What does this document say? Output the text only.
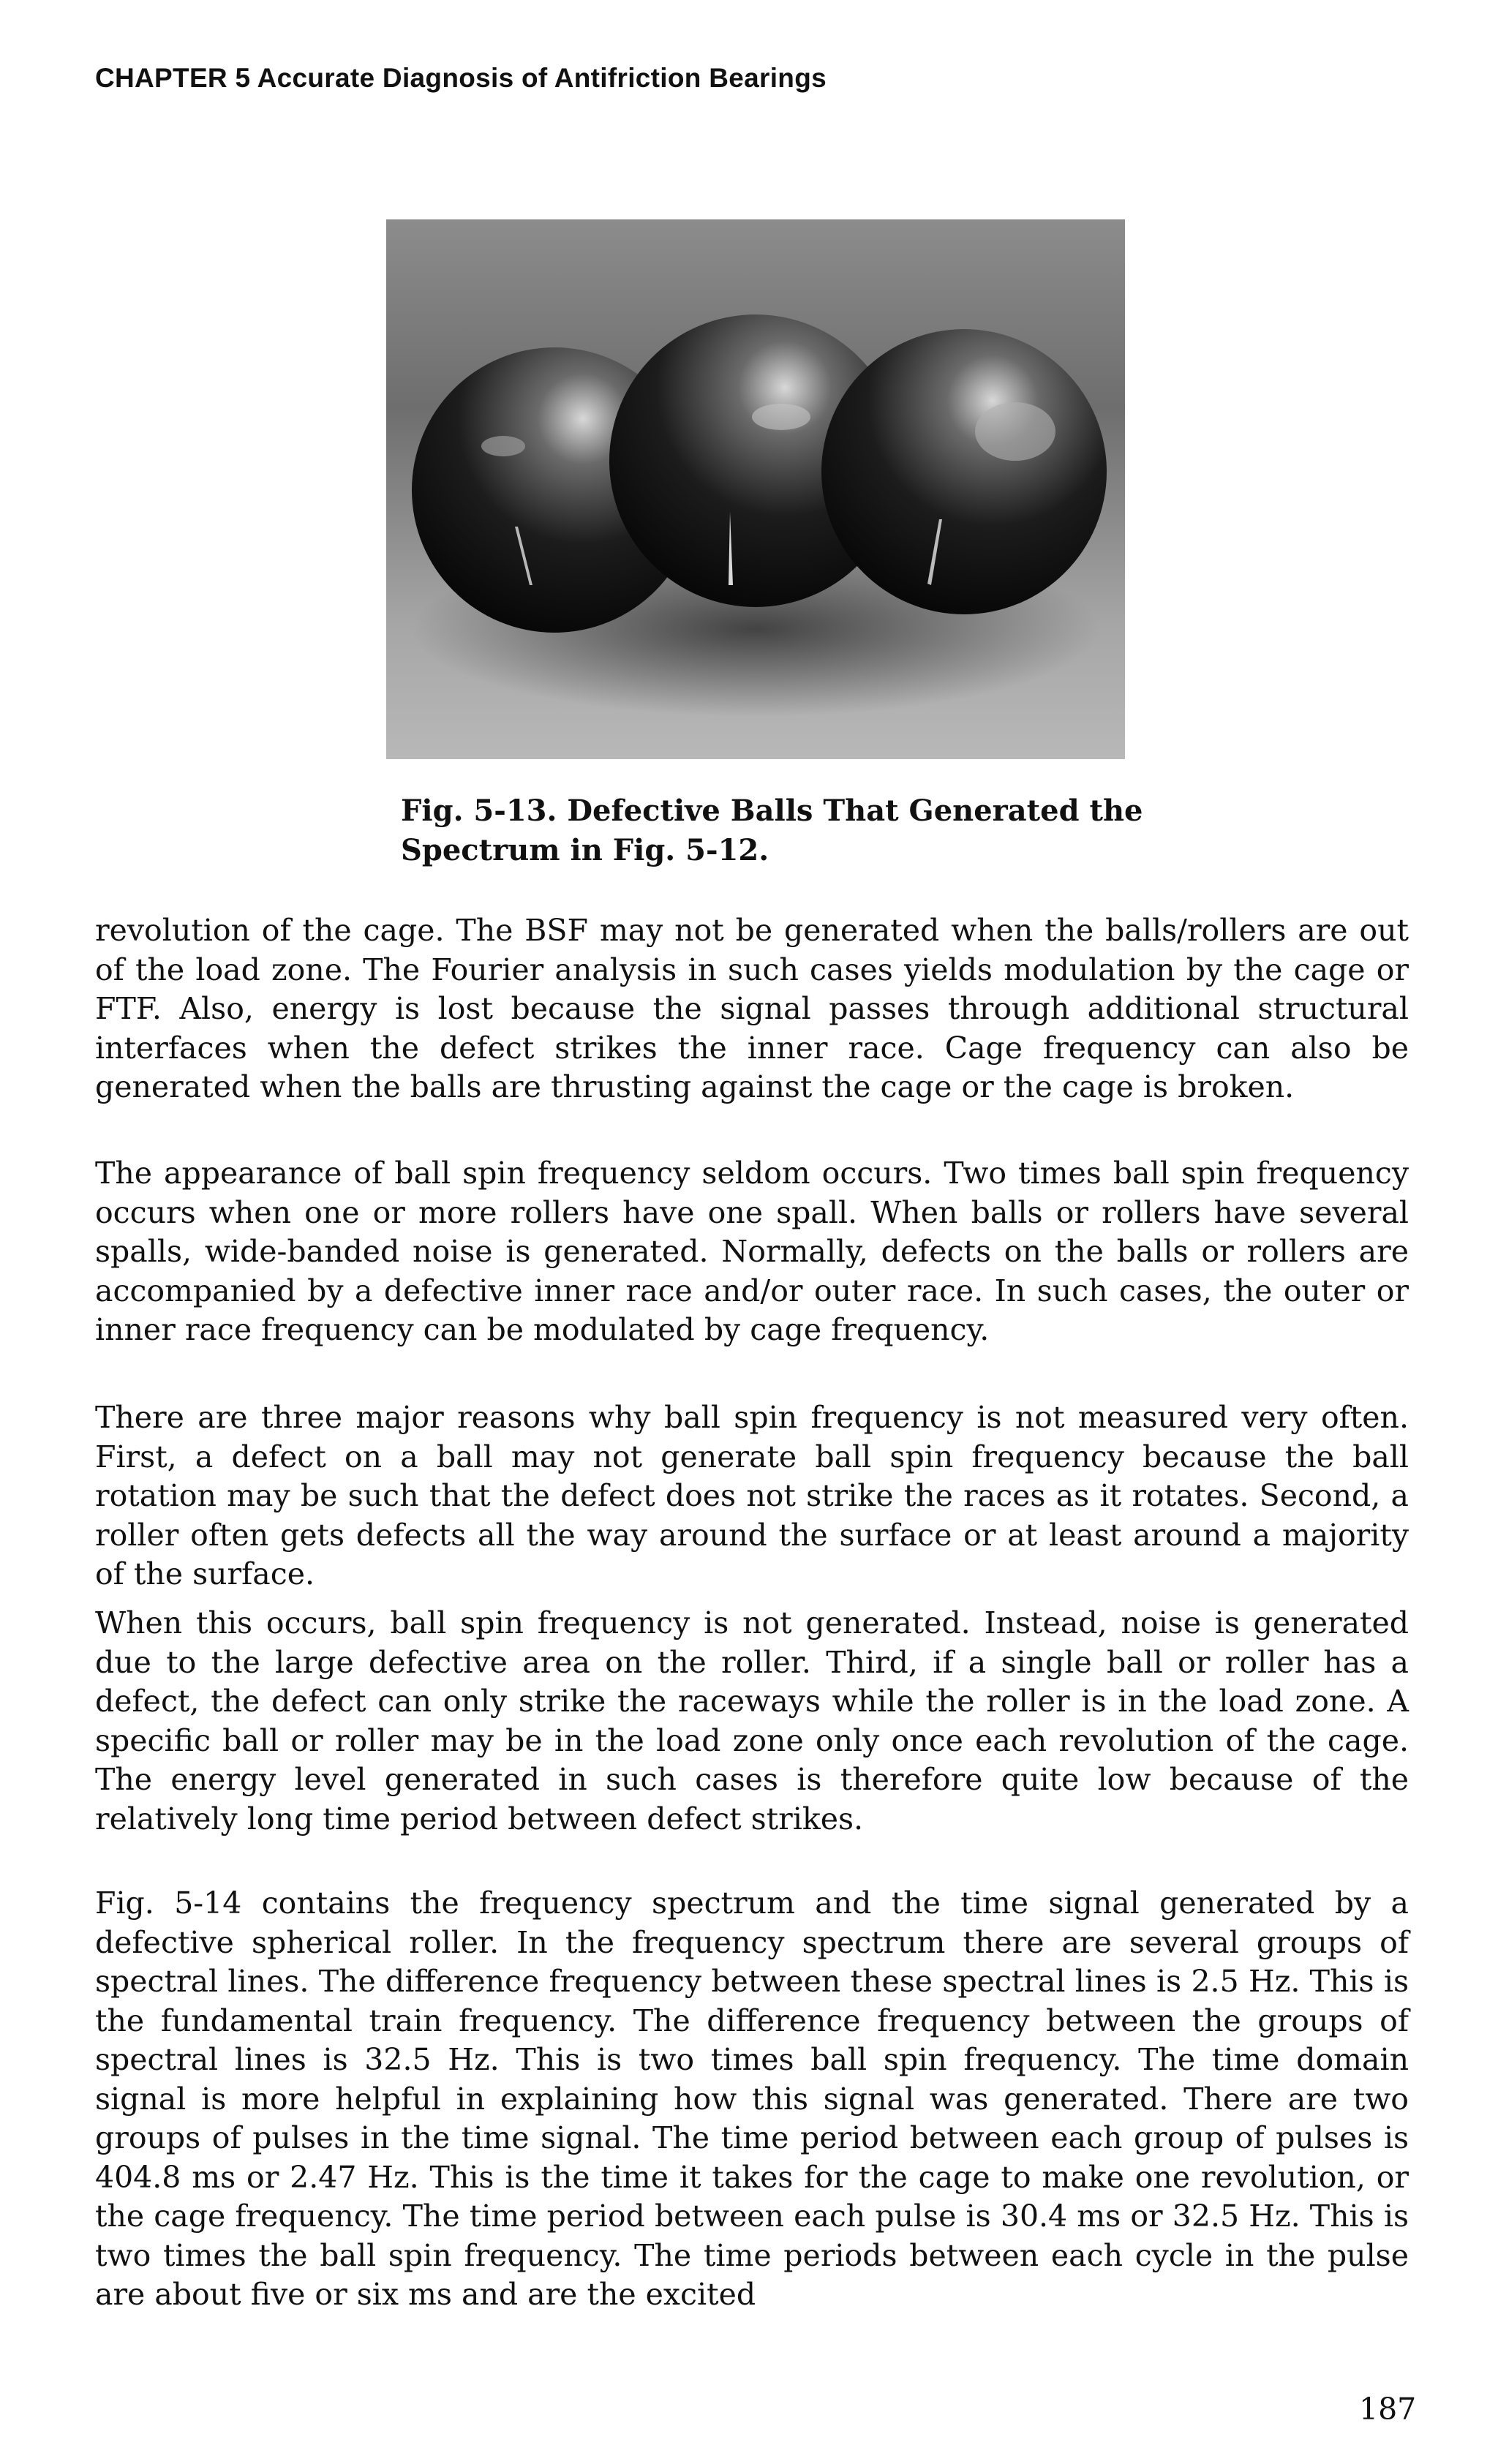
CHAPTER 5 Accurate Diagnosis of Antifriction Bearings
Fig. 5-13. Defective Balls That Generated the
Spectrum in Fig. 5-12.

revolution of the cage. The BSF may not be generated when the balls/rollers are out of the load zone. The Fourier analysis in such cases yields modulation by the cage or FTF. Also, energy is lost because the signal passes through additional structural interfaces when the defect strikes the inner race. Cage frequency can also be generated when the balls are thrusting against the cage or the cage is broken.

The appearance of ball spin frequency seldom occurs. Two times ball spin frequency occurs when one or more rollers have one spall. When balls or rollers have several spalls, wide-banded noise is generated. Normally, defects on the balls or rollers are accompanied by a defective inner race and/or outer race. In such cases, the outer or inner race frequency can be modulated by cage frequency.

There are three major reasons why ball spin frequency is not measured very often. First, a defect on a ball may not generate ball spin frequency because the ball rotation may be such that the defect does not strike the races as it rotates. Second, a roller often gets defects all the way around the surface or at least around a majority of the surface.

When this occurs, ball spin frequency is not generated. Instead, noise is generated due to the large defective area on the roller. Third, if a single ball or roller has a defect, the defect can only strike the raceways while the roller is in the load zone. A specific ball or roller may be in the load zone only once each revolution of the cage. The energy level generated in such cases is therefore quite low because of the relatively long time period between defect strikes.

Fig. 5-14 contains the frequency spectrum and the time signal generated by a defective spherical roller. In the frequency spectrum there are several groups of spectral lines. The difference frequency between these spectral lines is 2.5 Hz. This is the fundamental train frequency. The difference frequency between the groups of spectral lines is 32.5 Hz. This is two times ball spin frequency. The time domain signal is more helpful in explaining how this signal was generated. There are two groups of pulses in the time signal. The time period between each group of pulses is 404.8 ms or 2.47 Hz. This is the time it takes for the cage to make one revolution, or the cage frequency. The time period between each pulse is 30.4 ms or 32.5 Hz. This is two times the ball spin frequency. The time periods between each cycle in the pulse are about five or six ms and are the excited

187
